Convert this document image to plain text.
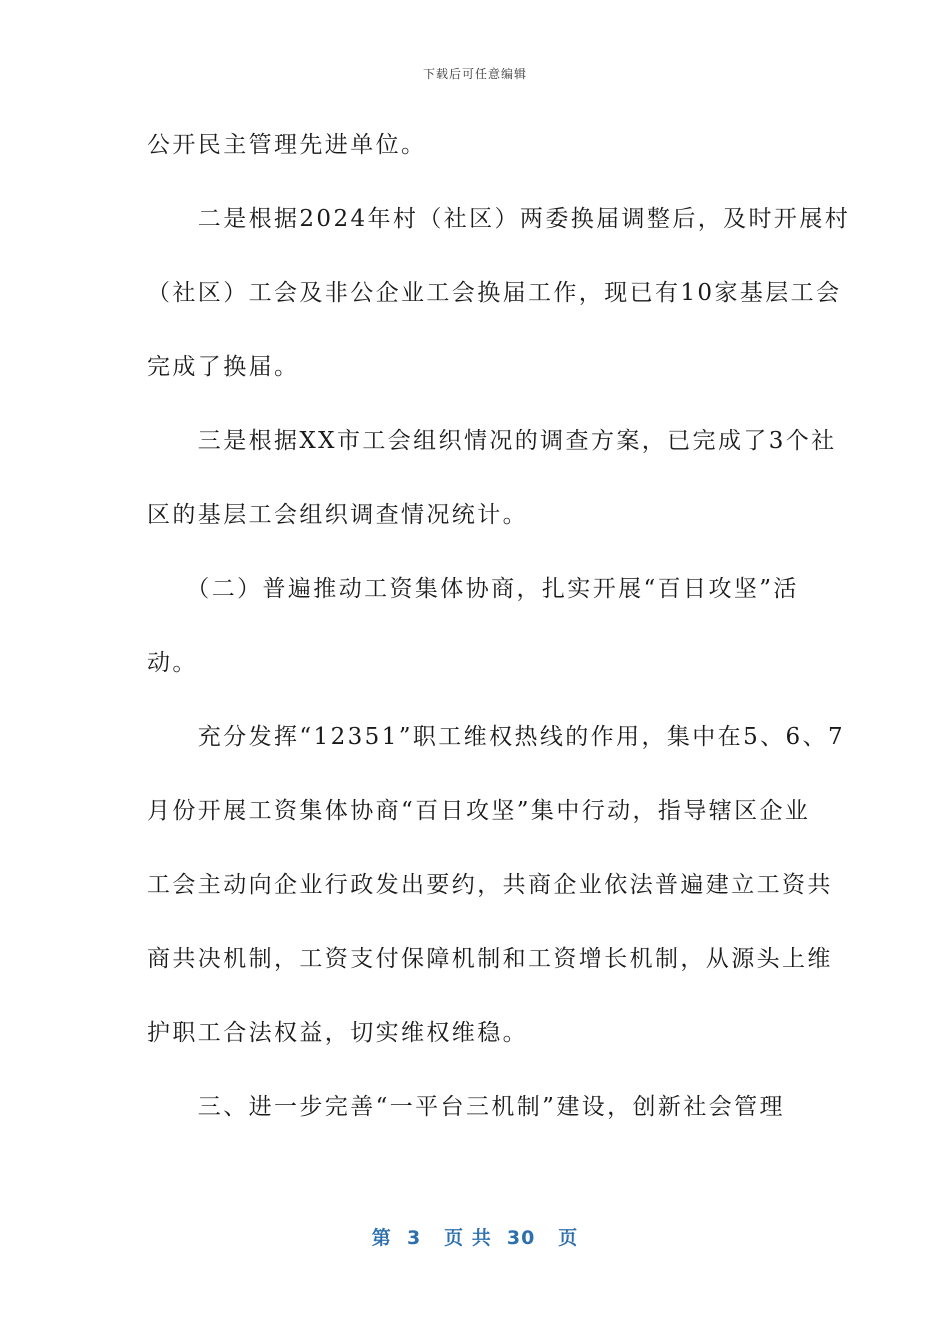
下载后可任意编辑
公开民主管理先进单位。
　　二是根据2024年村（社区）两委换届调整后，及时开展村
（社区）工会及非公企业工会换届工作，现已有10家基层工会
完成了换届。
　　三是根据XX市工会组织情况的调查方案，已完成了3个社
区的基层工会组织调查情况统计。
　　（二）普遍推动工资集体协商，扎实开展“百日攻坚”活
动。
　　充分发挥“12351”职工维权热线的作用，集中在5、6、7
月份开展工资集体协商“百日攻坚”集中行动，指导辖区企业
工会主动向企业行政发出要约，共商企业依法普遍建立工资共
商共决机制，工资支付保障机制和工资增长机制，从源头上维
护职工合法权益，切实维权维稳。
　　三、进一步完善“一平台三机制”建设，创新社会管理
第  3   页 共  30   页
